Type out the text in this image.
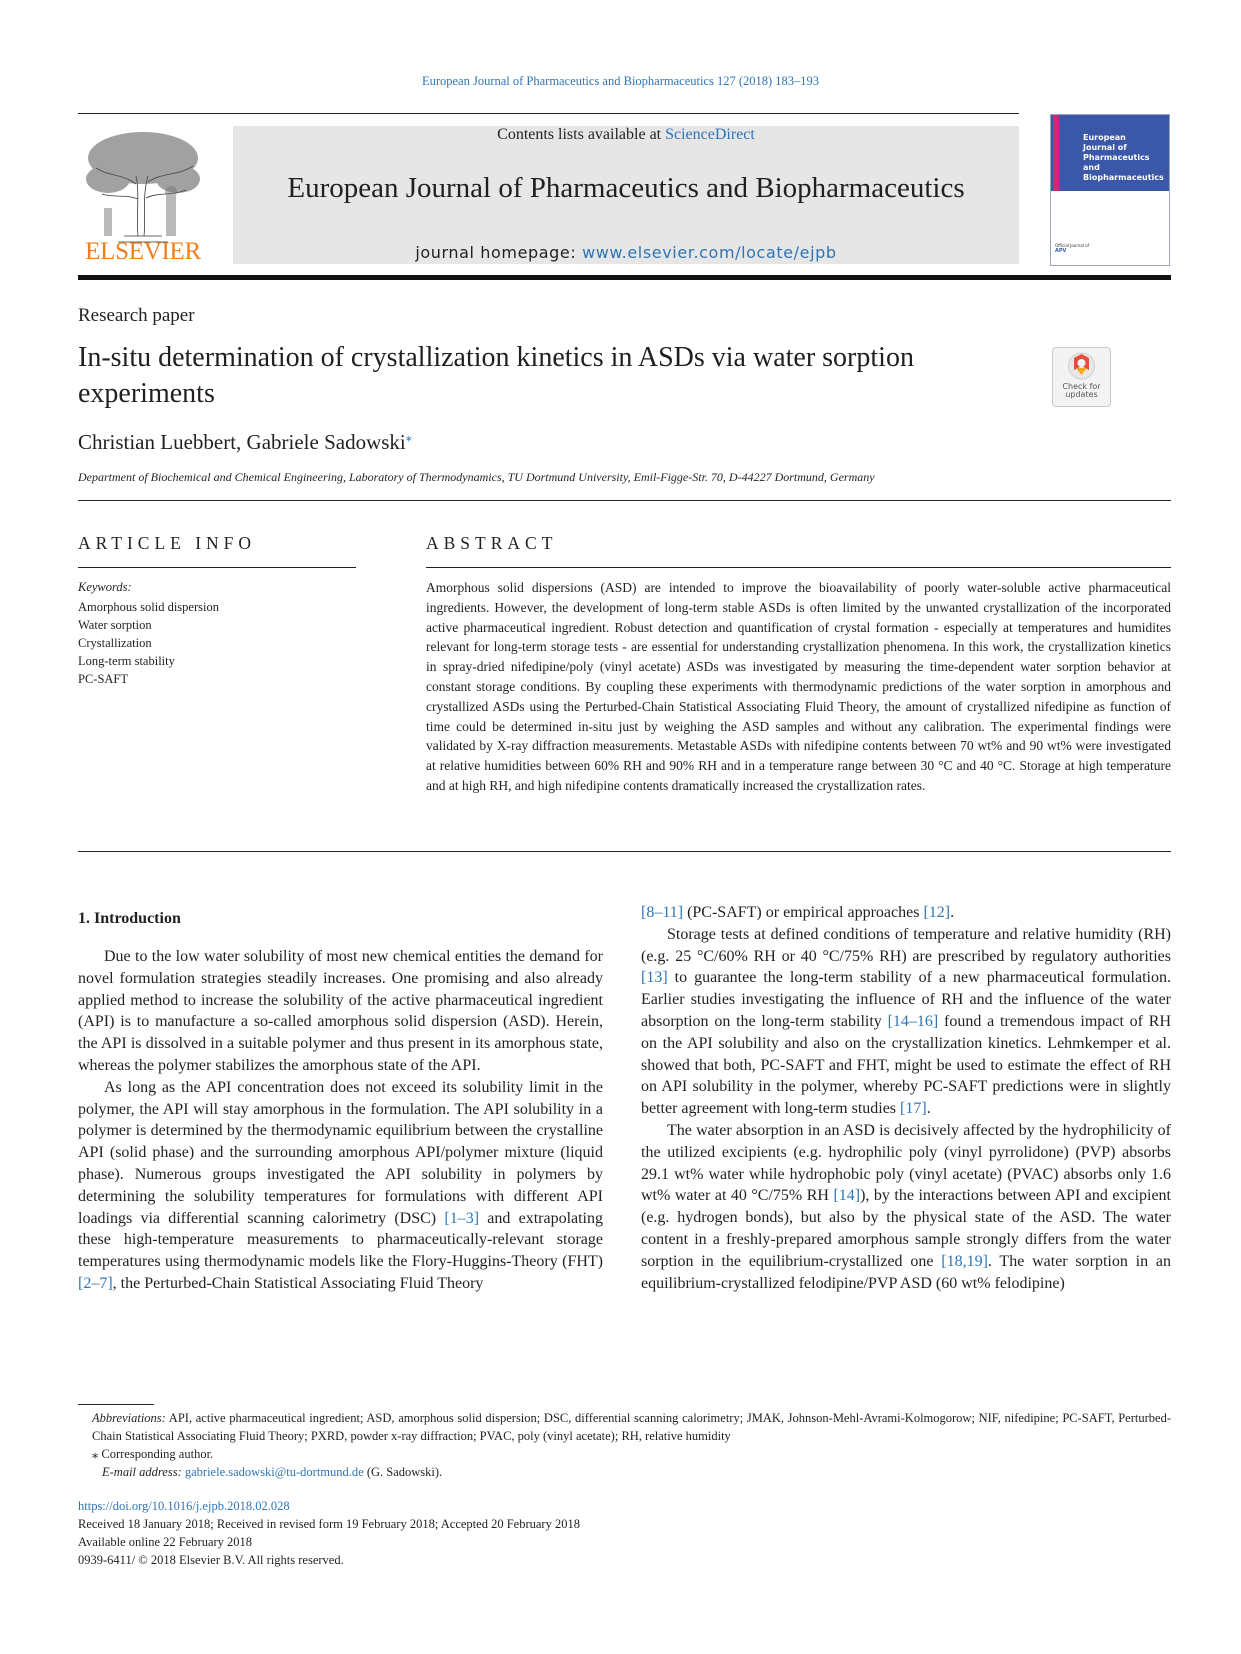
European Journal of Pharmaceutics and Biopharmaceutics 127 (2018) 183–193
ELSEVIER
Contents lists available at ScienceDirect
European Journal of Pharmaceutics and Biopharmaceutics
journal homepage: www.elsevier.com/locate/ejpb
European
Journal of
Pharmaceutics and
Biopharmaceutics
Official Journal of
APV
Research paper
In-situ determination of crystallization kinetics in ASDs via water sorption experiments	Check for
updates
Christian Luebbert, Gabriele Sadowski⁎
Department of Biochemical and Chemical Engineering, Laboratory of Thermodynamics, TU Dortmund University, Emil-Figge-Str. 70, D-44227 Dortmund, Germany
ARTICLE INFO
Keywords:
Amorphous solid dispersion
Water sorption
Crystallization
Long-term stability
PC-SAFT
ABSTRACT
Amorphous solid dispersions (ASD) are intended to improve the bioavailability of poorly water-soluble active pharmaceutical ingredients. However, the development of long-term stable ASDs is often limited by the unwanted crystallization of the incorporated active pharmaceutical ingredient. Robust detection and quantification of crystal formation - especially at temperatures and humidites relevant for long-term storage tests - are essential for understanding crystallization phenomena. In this work, the crystallization kinetics in spray-dried nifedipine/poly (vinyl acetate) ASDs was investigated by measuring the time-dependent water sorption behavior at constant storage conditions. By coupling these experiments with thermodynamic predictions of the water sorption in amorphous and crystallized ASDs using the Perturbed-Chain Statistical Associating Fluid Theory, the amount of crystallized nifedipine as function of time could be determined in-situ just by weighing the ASD samples and without any calibration. The experimental findings were validated by X-ray diffraction measurements. Metastable ASDs with nifedipine contents between 70 wt% and 90 wt% were investigated at relative humidities between 60% RH and 90% RH and in a temperature range between 30 °C and 40 °C. Storage at high temperature and at high RH, and high nifedipine contents dramatically increased the crystallization rates.
1. Introduction

Due to the low water solubility of most new chemical entities the demand for novel formulation strategies steadily increases. One promising and also already applied method to increase the solubility of the active pharmaceutical ingredient (API) is to manufacture a so-called amorphous solid dispersion (ASD). Herein, the API is dissolved in a suitable polymer and thus present in its amorphous state, whereas the polymer stabilizes the amorphous state of the API.

As long as the API concentration does not exceed its solubility limit in the polymer, the API will stay amorphous in the formulation. The API solubility in a polymer is determined by the thermodynamic equilibrium between the crystalline API (solid phase) and the surrounding amorphous API/polymer mixture (liquid phase). Numerous groups investigated the API solubility in polymers by determining the solubility temperatures for formulations with different API loadings via differential scanning calorimetry (DSC) [1–3] and extrapolating these high-temperature measurements to pharmaceutically-relevant storage temperatures using thermodynamic models like the Flory-Huggins-Theory (FHT) [2–7], the Perturbed-Chain Statistical Associating Fluid Theory

[8–11] (PC-SAFT) or empirical approaches [12].

Storage tests at defined conditions of temperature and relative humidity (RH) (e.g. 25 °C/60% RH or 40 °C/75% RH) are prescribed by regulatory authorities [13] to guarantee the long-term stability of a new pharmaceutical formulation. Earlier studies investigating the influence of RH and the influence of the water absorption on the long-term stability [14–16] found a tremendous impact of RH on the API solubility and also on the crystallization kinetics. Lehmkemper et al. showed that both, PC-SAFT and FHT, might be used to estimate the effect of RH on API solubility in the polymer, whereby PC-SAFT predictions were in slightly better agreement with long-term studies [17].

The water absorption in an ASD is decisively affected by the hydrophilicity of the utilized excipients (e.g. hydrophilic poly (vinyl pyrrolidone) (PVP) absorbs 29.1 wt% water while hydrophobic poly (vinyl acetate) (PVAC) absorbs only 1.6 wt% water at 40 °C/75% RH [14]), by the interactions between API and excipient (e.g. hydrogen bonds), but also by the physical state of the ASD. The water content in a freshly-prepared amorphous sample strongly differs from the water sorption in the equilibrium-crystallized one [18,19]. The water sorption in an equilibrium-crystallized felodipine/PVP ASD (60 wt% felodipine)

Abbreviations: API, active pharmaceutical ingredient; ASD, amorphous solid dispersion; DSC, differential scanning calorimetry; JMAK, Johnson-Mehl-Avrami-Kolmogorow; NIF, nifedipine; PC-SAFT, Perturbed-Chain Statistical Associating Fluid Theory; PXRD, powder x-ray diffraction; PVAC, poly (vinyl acetate); RH, relative humidity
⁎ Corresponding author.
E-mail address: gabriele.sadowski@tu-dortmund.de (G. Sadowski).
https://doi.org/10.1016/j.ejpb.2018.02.028
Received 18 January 2018; Received in revised form 19 February 2018; Accepted 20 February 2018
Available online 22 February 2018
0939-6411/ © 2018 Elsevier B.V. All rights reserved.
